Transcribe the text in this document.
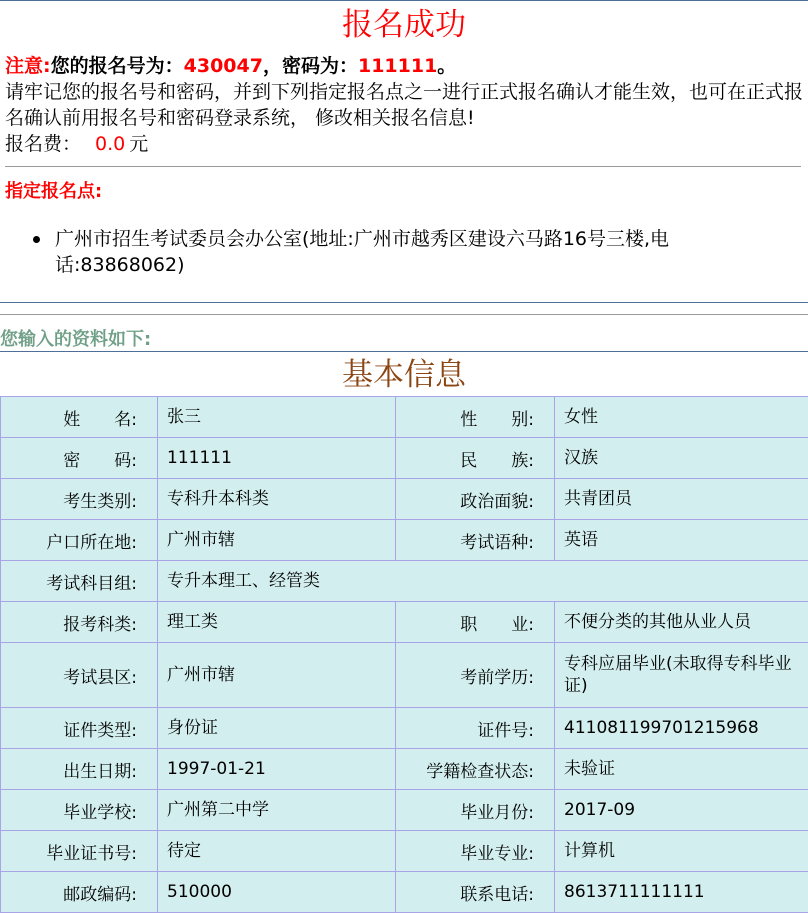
报名成功
注意:您的报名号为：430047，密码为：111111。
请牢记您的报名号和密码，并到下列指定报名点之一进行正式报名确认才能生效，也可在正式报名确认前用报名号和密码登录系统， 修改相关报名信息!
报名费： 0.0 元
指定报名点:
广州市招生考试委员会办公室(地址:广州市越秀区建设六马路16号三楼,电话:83868062)
您输入的资料如下:
基本信息
姓　　名:	张三	性　　别:	女性
密　　码:	111111	民　　族:	汉族
考生类别:	专科升本科类	政治面貌:	共青团员
户口所在地:	广州市辖	考试语种:	英语
考试科目组:	专升本理工、经管类		
报考科类:	理工类	职　　业:	不便分类的其他从业人员
考试县区:	广州市辖	考前学历:	专科应届毕业(未取得专科毕业证)
证件类型:	身份证	证件号:	411081199701215968
出生日期:	1997-01-21	学籍检查状态:	未验证
毕业学校:	广州第二中学	毕业月份:	2017-09
毕业证书号:	待定	毕业专业:	计算机
邮政编码:	510000	联系电话:	8613711111111
